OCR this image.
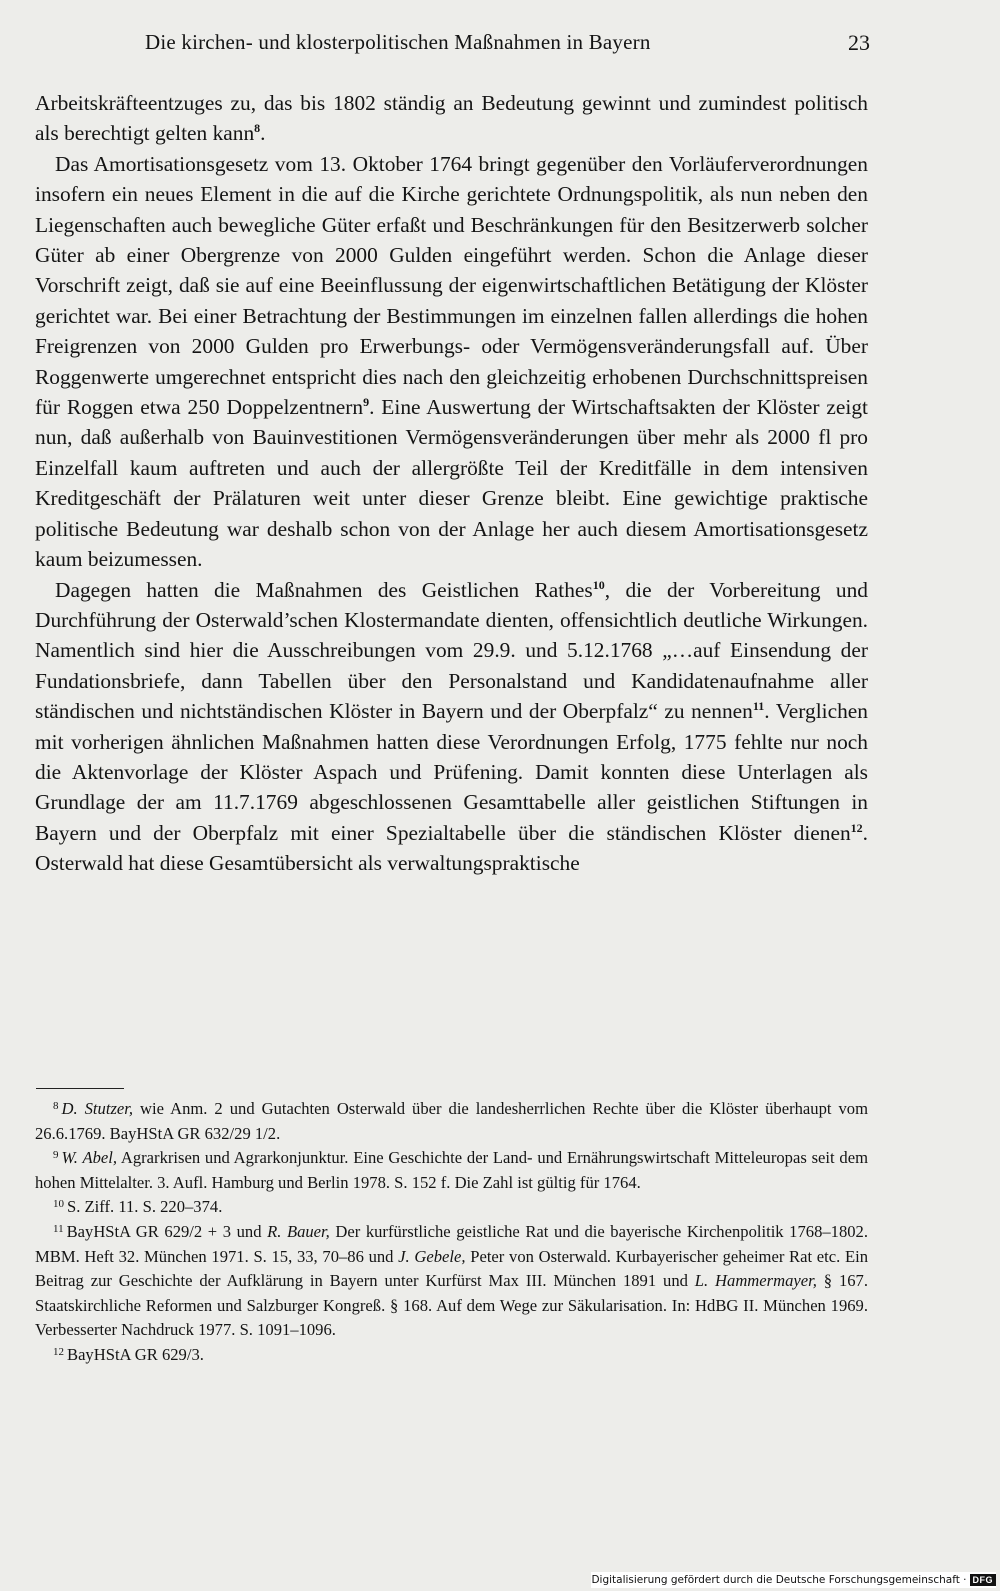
Die kirchen- und klosterpolitischen Maßnahmen in Bayern	23

Arbeitskräfteentzuges zu, das bis 1802 ständig an Bedeutung gewinnt und zumindest politisch als berechtigt gelten kann$^8$.

Das Amortisationsgesetz vom 13. Oktober 1764 bringt gegenüber den Vorläuferverordnungen insofern ein neues Element in die auf die Kirche gerichtete Ordnungspolitik, als nun neben den Liegenschaften auch bewegliche Güter erfaßt und Beschränkungen für den Besitzerwerb solcher Güter ab einer Obergrenze von 2000 Gulden eingeführt werden. Schon die Anlage dieser Vorschrift zeigt, daß sie auf eine Beeinflussung der eigenwirtschaftlichen Betätigung der Klöster gerichtet war. Bei einer Betrachtung der Bestimmungen im einzelnen fallen allerdings die hohen Freigrenzen von 2000 Gulden pro Erwerbungs- oder Vermögensveränderungsfall auf. Über Roggenwerte umgerechnet entspricht dies nach den gleichzeitig erhobenen Durchschnittspreisen für Roggen etwa 250 Doppelzentnern$^9$. Eine Auswertung der Wirtschaftsakten der Klöster zeigt nun, daß außerhalb von Bauinvestitionen Vermögensveränderungen über mehr als 2000 fl pro Einzelfall kaum auftreten und auch der allergrößte Teil der Kreditfälle in dem intensiven Kreditgeschäft der Prälaturen weit unter dieser Grenze bleibt. Eine gewichtige praktische politische Bedeutung war deshalb schon von der Anlage her auch diesem Amortisationsgesetz kaum beizumessen.

Dagegen hatten die Maßnahmen des Geistlichen Rathes$^{10}$, die der Vorbereitung und Durchführung der Osterwald’schen Klostermandate dienten, offensichtlich deutliche Wirkungen. Namentlich sind hier die Ausschreibungen vom 29.9. und 5.12.1768 „…auf Einsendung der Fundationsbriefe, dann Tabellen über den Personalstand und Kandidatenaufnahme aller ständischen und nichtständischen Klöster in Bayern und der Oberpfalz“ zu nennen$^{11}$. Verglichen mit vorherigen ähnlichen Maßnahmen hatten diese Verordnungen Erfolg, 1775 fehlte nur noch die Aktenvorlage der Klöster Aspach und Prüfening. Damit konnten diese Unterlagen als Grundlage der am 11.7.1769 abgeschlossenen Gesamttabelle aller geistlichen Stiftungen in Bayern und der Oberpfalz mit einer Spezialtabelle über die ständischen Klöster dienen$^{12}$. Osterwald hat diese Gesamtübersicht als verwaltungspraktische

$^8$ D. Stutzer, wie Anm. 2 und Gutachten Osterwald über die landesherrlichen Rechte über die Klöster überhaupt vom 26.6.1769. BayHStA GR 632/29 1/2.

$^9$ W. Abel, Agrarkrisen und Agrarkonjunktur. Eine Geschichte der Land- und Ernährungswirtschaft Mitteleuropas seit dem hohen Mittelalter. 3. Aufl. Hamburg und Berlin 1978. S. 152 f. Die Zahl ist gültig für 1764.

$^{10}$ S. Ziff. 11. S. 220–374.

$^{11}$ BayHStA GR 629/2 + 3 und R. Bauer, Der kurfürstliche geistliche Rat und die bayerische Kirchenpolitik 1768–1802. MBM. Heft 32. München 1971. S. 15, 33, 70–86 und J. Gebele, Peter von Osterwald. Kurbayerischer geheimer Rat etc. Ein Beitrag zur Geschichte der Aufklärung in Bayern unter Kurfürst Max III. München 1891 und L. Hammermayer, § 167. Staatskirchliche Reformen und Salzburger Kongreß. § 168. Auf dem Wege zur Säkularisation. In: HdBG II. München 1969. Verbesserter Nachdruck 1977. S. 1091–1096.

$^{12}$ BayHStA GR 629/3.

Digitalisierung gefördert durch die Deutsche Forschungsgemeinschaft · DFG
